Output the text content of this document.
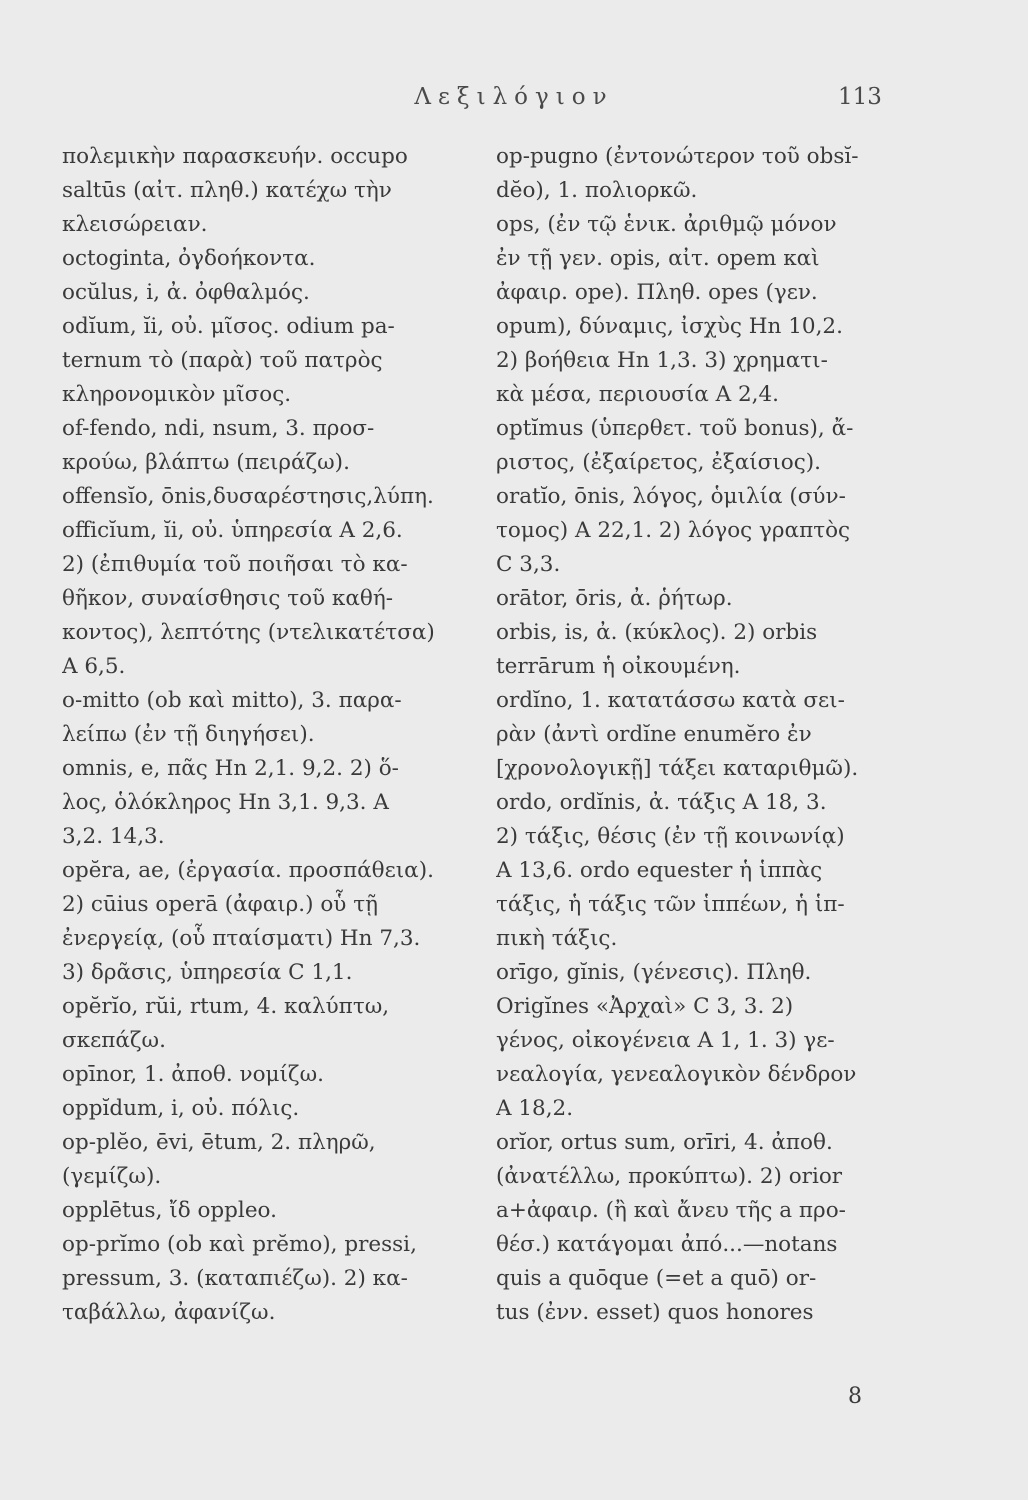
Λεξιλόγιον	113
πολεμικὴν παρασκευήν. occupo
saltūs (αἰτ. πληθ.) κατέχω τὴν
κλεισώρειαν.
octoginta, ὀγδοήκοντα.
ocŭlus, i, ἀ. ὀφθαλμός.
odĭum, ĭi, οὐ. μῖσος. odium pa-
ternum τὸ (παρὰ) τοῦ πατρὸς
κληρονομικὸν μῖσος.
of-fendo, ndi, nsum, 3. προσ-
κρούω, βλάπτω (πειράζω).
offensĭo, ōnis,δυσαρέστησις,λύπη.
officĭum, ĭi, οὐ. ὑπηρεσία Α 2,6.
2) (ἐπιθυμία τοῦ ποιῆσαι τὸ κα-
θῆκον, συναίσθησις τοῦ καθή-
κοντος), λεπτότης (ντελικατέτσα)
Α 6,5.
o-mitto (ob καὶ mitto), 3. παρα-
λείπω (ἐν τῇ διηγήσει).
omnis, e, πᾶς Hn 2,1. 9,2. 2) ὅ-
λος, ὁλόκληρος Hn 3,1. 9,3. A
3,2. 14,3.
opĕra, ae, (ἐργασία. προσπάθεια).
2) cūius operā (ἀφαιρ.) οὗ τῇ
ἐνεργείᾳ, (οὗ πταίσματι) Hn 7,3.
3) δρᾶσις, ὑπηρεσία C 1,1.
opĕrĭo, rŭi, rtum, 4. καλύπτω,
σκεπάζω.
opīnor, 1. ἀποθ. νομίζω.
oppĭdum, i, οὐ. πόλις.
op-plĕo, ēvi, ētum, 2. πληρῶ,
(γεμίζω).
opplētus, ἴδ oppleo.
op-prĭmo (ob καὶ prĕmo), pressi,
pressum, 3. (καταπιέζω). 2) κα-
ταβάλλω, ἀφανίζω.
op-pugno (ἐντονώτερον τοῦ obsĭ-
dĕo), 1. πολιορκῶ.
ops, (ἐν τῷ ἑνικ. ἀριθμῷ μόνον
ἐν τῇ γεν. opis, αἰτ. opem καὶ
ἀφαιρ. ope). Πληθ. opes (γεν.
opum), δύναμις, ἰσχὺς Hn 10,2.
2) βοήθεια Hn 1,3. 3) χρηματι-
κὰ μέσα, περιουσία Α 2,4.
optĭmus (ὑπερθετ. τοῦ bonus), ἄ-
ριστος, (ἐξαίρετος, ἐξαίσιος).
oratĭo, ōnis, λόγος, ὁμιλία (σύν-
τομος) Α 22,1. 2) λόγος γραπτὸς
C 3,3.
orātor, ōris, ἀ. ῥήτωρ.
orbis, is, ἀ. (κύκλος). 2) orbis
terrārum ἡ οἰκουμένη.
ordĭno, 1. κατατάσσω κατὰ σει-
ρὰν (ἀντὶ ordĭne enumĕro ἐν
[χρονολογικῇ] τάξει καταριθμῶ).
ordo, ordĭnis, ἀ. τάξις Α 18, 3.
2) τάξις, θέσις (ἐν τῇ κοινωνίᾳ)
Α 13,6. ordo equester ἡ ἱππὰς
τάξις, ἡ τάξις τῶν ἱππέων, ἡ ἱπ-
πικὴ τάξις.
orīgo, gĭnis, (γένεσις). Πληθ.
Origĭnes «Ἀρχαὶ» C 3, 3. 2)
γένος, οἰκογένεια Α 1, 1. 3) γε-
νεαλογία, γενεαλογικὸν δένδρον
Α 18,2.
orĭor, ortus sum, orīri, 4. ἀποθ.
(ἀνατέλλω, προκύπτω). 2) orior
a+ἀφαιρ. (ἢ καὶ ἄνευ τῆς a προ-
θέσ.) κατάγομαι ἀπό...—notans
quis a quōque (=et a quō) or-
tus (ἐνν. esset) quos honores
8
